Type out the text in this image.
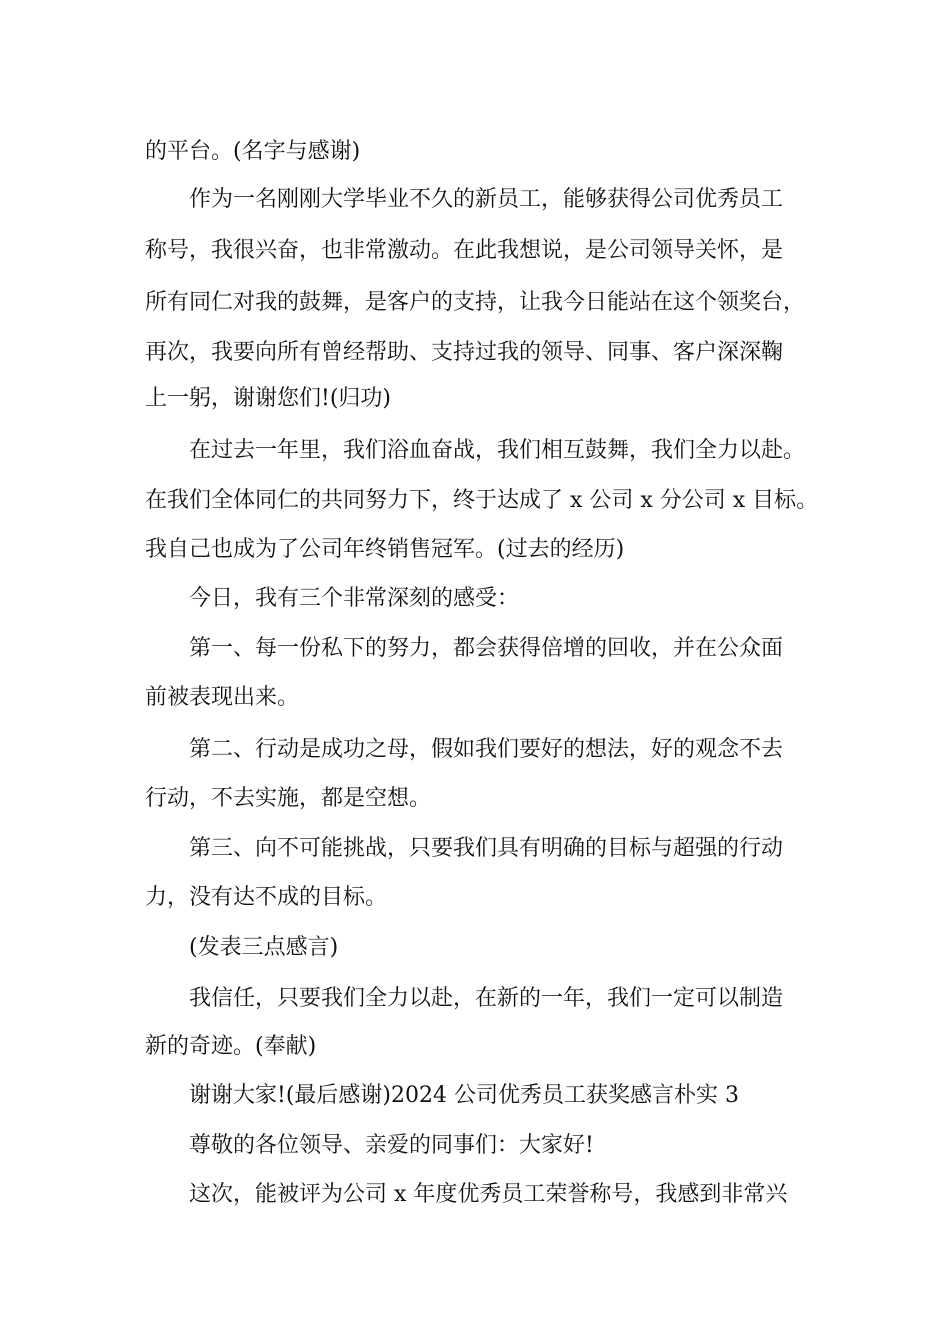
的平台。(名字与感谢)
作为一名刚刚大学毕业不久的新员工，能够获得公司优秀员工
称号，我很兴奋，也非常激动。在此我想说，是公司领导关怀，是
所有同仁对我的鼓舞，是客户的支持，让我今日能站在这个领奖台，
再次，我要向所有曾经帮助、支持过我的领导、同事、客户深深鞠
上一躬，谢谢您们!(归功)
在过去一年里，我们浴血奋战，我们相互鼓舞，我们全力以赴。
在我们全体同仁的共同努力下，终于达成了 x 公司 x 分公司 x 目标。
我自己也成为了公司年终销售冠军。(过去的经历)
今日，我有三个非常深刻的感受：
第一、每一份私下的努力，都会获得倍增的回收，并在公众面
前被表现出来。
第二、行动是成功之母，假如我们要好的想法，好的观念不去
行动，不去实施，都是空想。
第三、向不可能挑战，只要我们具有明确的目标与超强的行动
力，没有达不成的目标。
(发表三点感言)
我信任，只要我们全力以赴，在新的一年，我们一定可以制造
新的奇迹。(奉献)
谢谢大家!(最后感谢)2024 公司优秀员工获奖感言朴实 3
尊敬的各位领导、亲爱的同事们：大家好!
这次，能被评为公司 x 年度优秀员工荣誉称号，我感到非常兴
